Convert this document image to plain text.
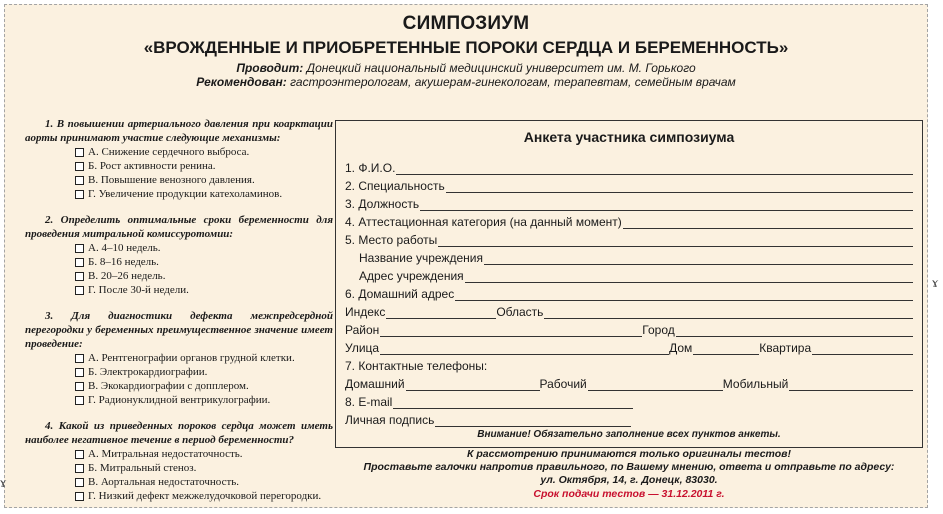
СИМПОЗИУМ
«ВРОЖДЕННЫЕ И ПРИОБРЕТЕННЫЕ ПОРОКИ СЕРДЦА И БЕРЕМЕННОСТЬ»
Проводит: Донецкий национальный медицинский университет им. М. Горького
Рекомендован: гастроэнтерологам, акушерам-гинекологам, терапевтам, семейным врачам
1. В повышении артериального давления при коарктации аорты принимают участие следующие механизмы:
А. Снижение сердечного выброса.
Б. Рост активности ренина.
В. Повышение венозного давления.
Г. Увеличение продукции катехоламинов.
2. Определить оптимальные сроки беременности для проведения митральной комиссуротомии:
А. 4–10 недель.
Б. 8–16 недель.
В. 20–26 недель.
Г. После 30-й недели.
3. Для диагностики дефекта межпредсердной перегородки у беременных преимущественное значение имеет проведение:
А. Рентгенографии органов грудной клетки.
Б. Электрокардиографии.
В. Экокардиографии с допплером.
Г. Радионуклидной вентрикулографии.
4. Какой из приведенных пороков сердца может иметь наиболее негативное течение в период беременности?
А. Митральная недостаточность.
Б. Митральный стеноз.
В. Аортальная недостаточность.
Г. Низкий дефект межжелудочковой перегородки.
Анкета участника симпозиума
1. Ф.И.О.
2. Специальность
3. Должность
4. Аттестационная категория (на данный момент)
5. Место работы
Название учреждения
Адрес учреждения
6. Домашний адрес
Индекс	Область
Район	Город
Улица	Дом	Квартира
7. Контактные телефоны:
Домашний	Рабочий	Мобильный
8. E-mail
Личная подпись
Внимание! Обязательно заполнение всех пунктов анкеты.
К рассмотрению принимаются только оригиналы тестов!
Проставьте галочки напротив правильного, по Вашему мнению, ответа и отправьте по адресу:
ул. Октября, 14, г. Донецк, 83030.
Срок подачи тестов — 31.12.2011 г.
ɤ
ɤ
